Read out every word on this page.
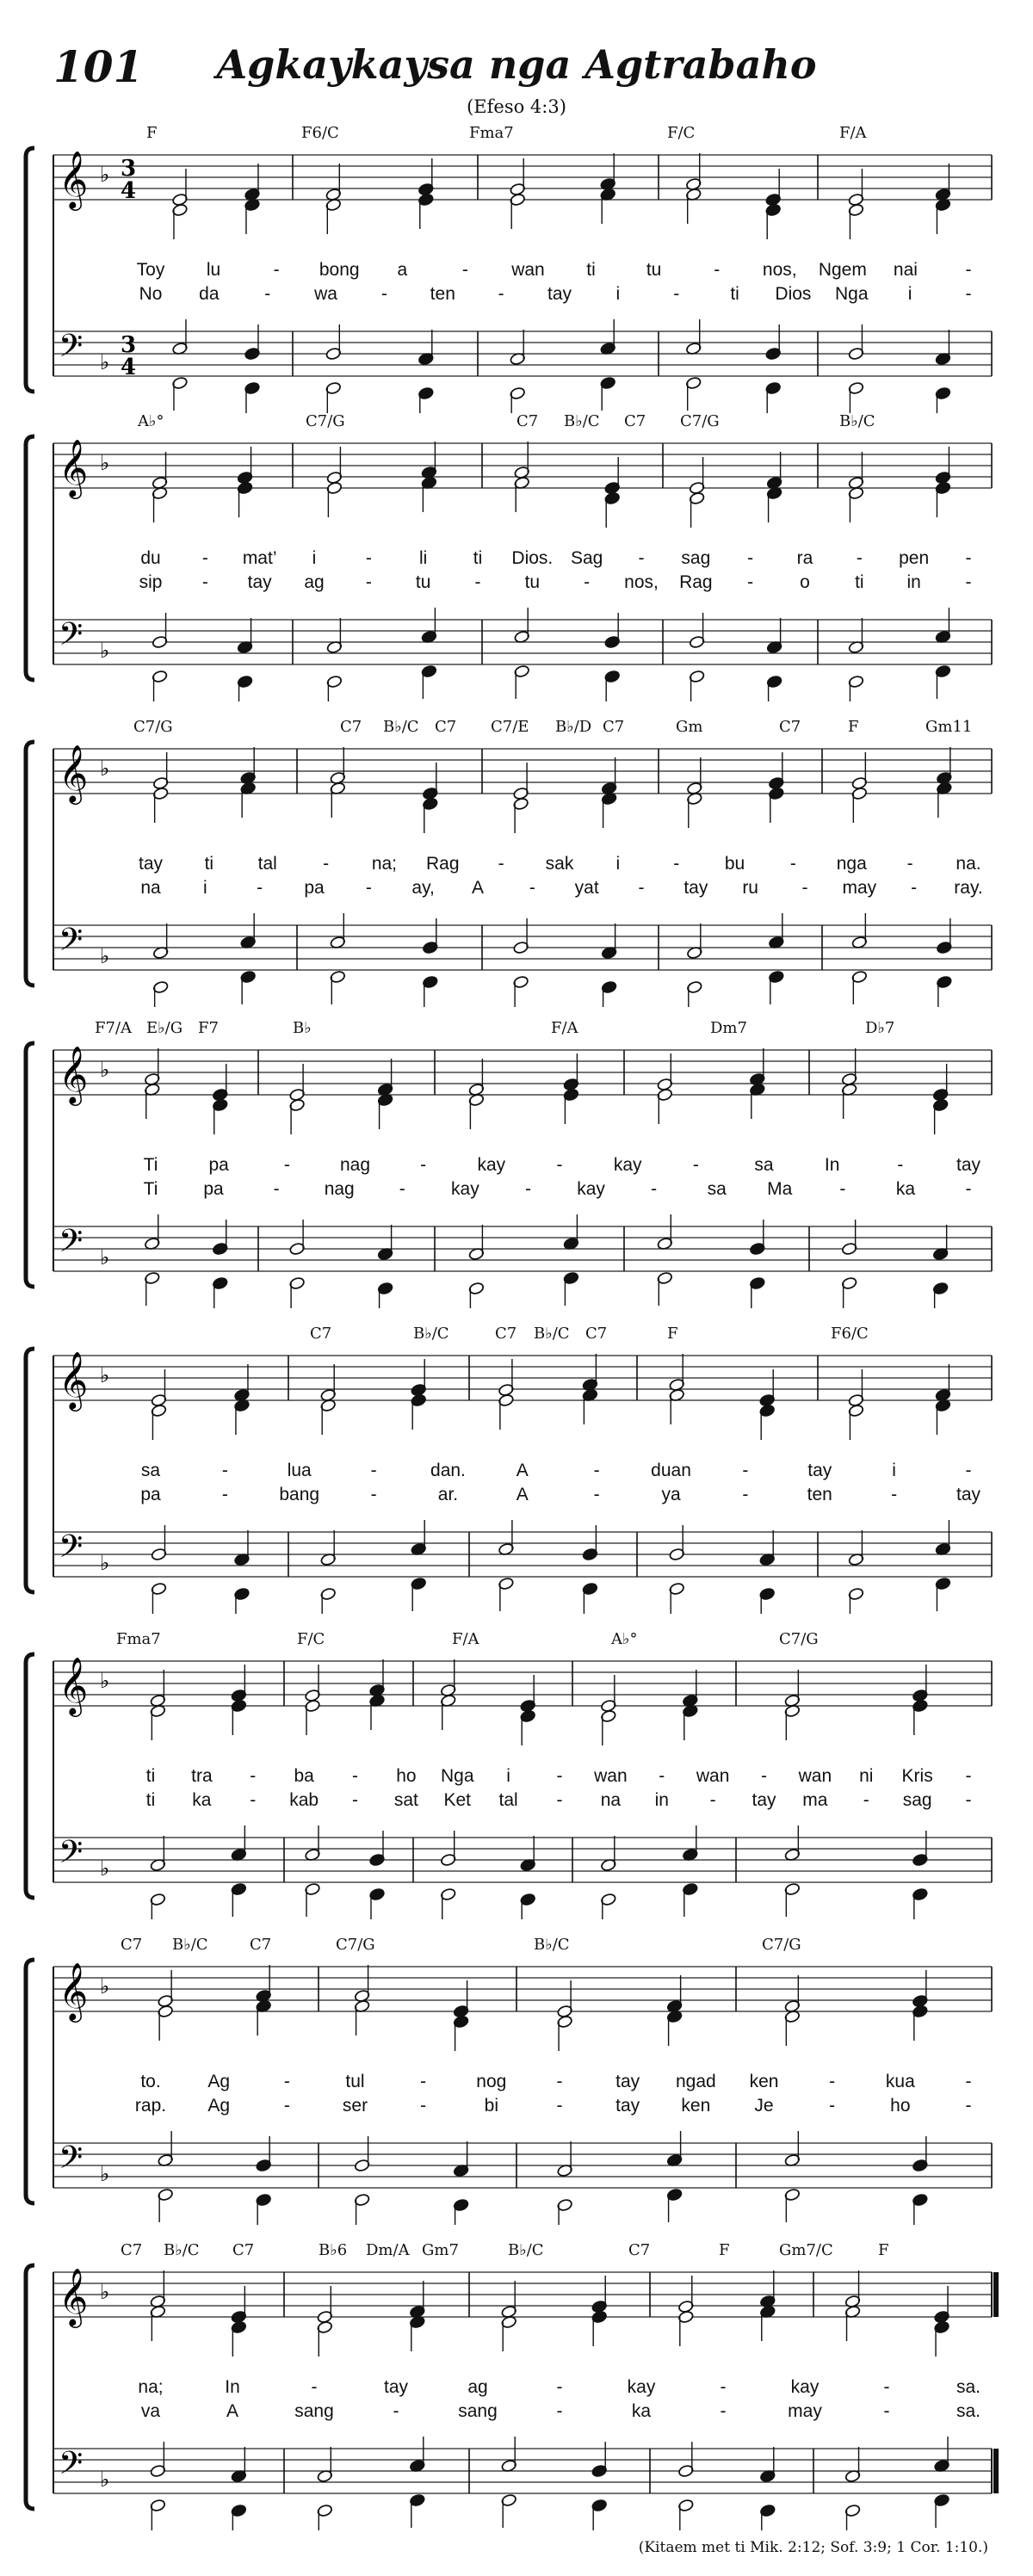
101	Agkaykaysa nga Agtrabaho
(Efeso 4:3)
𝄞
𝄢
♭
♭
3
4
3
4
F	F6/C	Fma7	F/C	F/A
Toy lu	- bong a	- wan ti	tu	- nos, Ngem nai	-
No da	- wa - ten - tay i	-	ti Dios Nga i	-
𝄞
𝄢
♭
♭
A♭°	C7/G	C7 B♭/C C7 C7/G	B♭/C
du - mat’ i	-	li	ti Dios. Sag - sag - ra - pen -
sip - tay ag - tu - tu - nos, Rag -	o ti in -
𝄞
𝄢
♭
♭
C7/G	C7 B♭/C C7 C7/E B♭/D C7	Gm	C7	F	Gm11
tay ti tal	- na; Rag - sak i	-	bu	- nga - na.
na i	- pa - ay, A	- yat - tay ru - may - ray.
𝄞
𝄢
♭
♭
F7/A E♭/G F7	B♭	F/A	Dm7	D♭7
Ti	pa	-	nag	-	kay	-	kay	-	sa	In	-	tay
Ti	pa	- nag -	kay	-	kay	-	sa Ma	-	ka	-
𝄞
𝄢
♭
♭
C7	B♭/C	C7 B♭/C C7	F	F6/C
sa	-	lua	-	dan.	A	-	duan	-	tay	i	-
pa	-	bang	-	ar.	A	-	ya	-	ten	-	tay
𝄞
𝄢
♭
♭
Fma7	F/C	F/A	A♭°	C7/G
ti tra - ba - ho Nga i	- wan - wan - wan ni Kris -
ti ka - kab - sat Ket tal - na in - tay ma - sag -
𝄞
𝄢
♭
♭
C7 B♭/C	C7	C7/G	B♭/C	C7/G
to.	Ag	-	tul	-	nog	-	tay ngad ken	-	kua	-
rap. Ag	-	ser	-	bi	-	tay ken Je	-	ho	-
𝄞
𝄢
♭
♭
C7 B♭/C C7	B♭6 Dm/A Gm7	B♭/C	C7	F	Gm7/C	F
na;	In	-	tay	ag	-	kay	-	kay	-	sa.
va	A	sang	-	sang	-	ka	-	may	-	sa.
(Kitaem met ti Mik. 2:12; Sof. 3:9; 1 Cor. 1:10.)
